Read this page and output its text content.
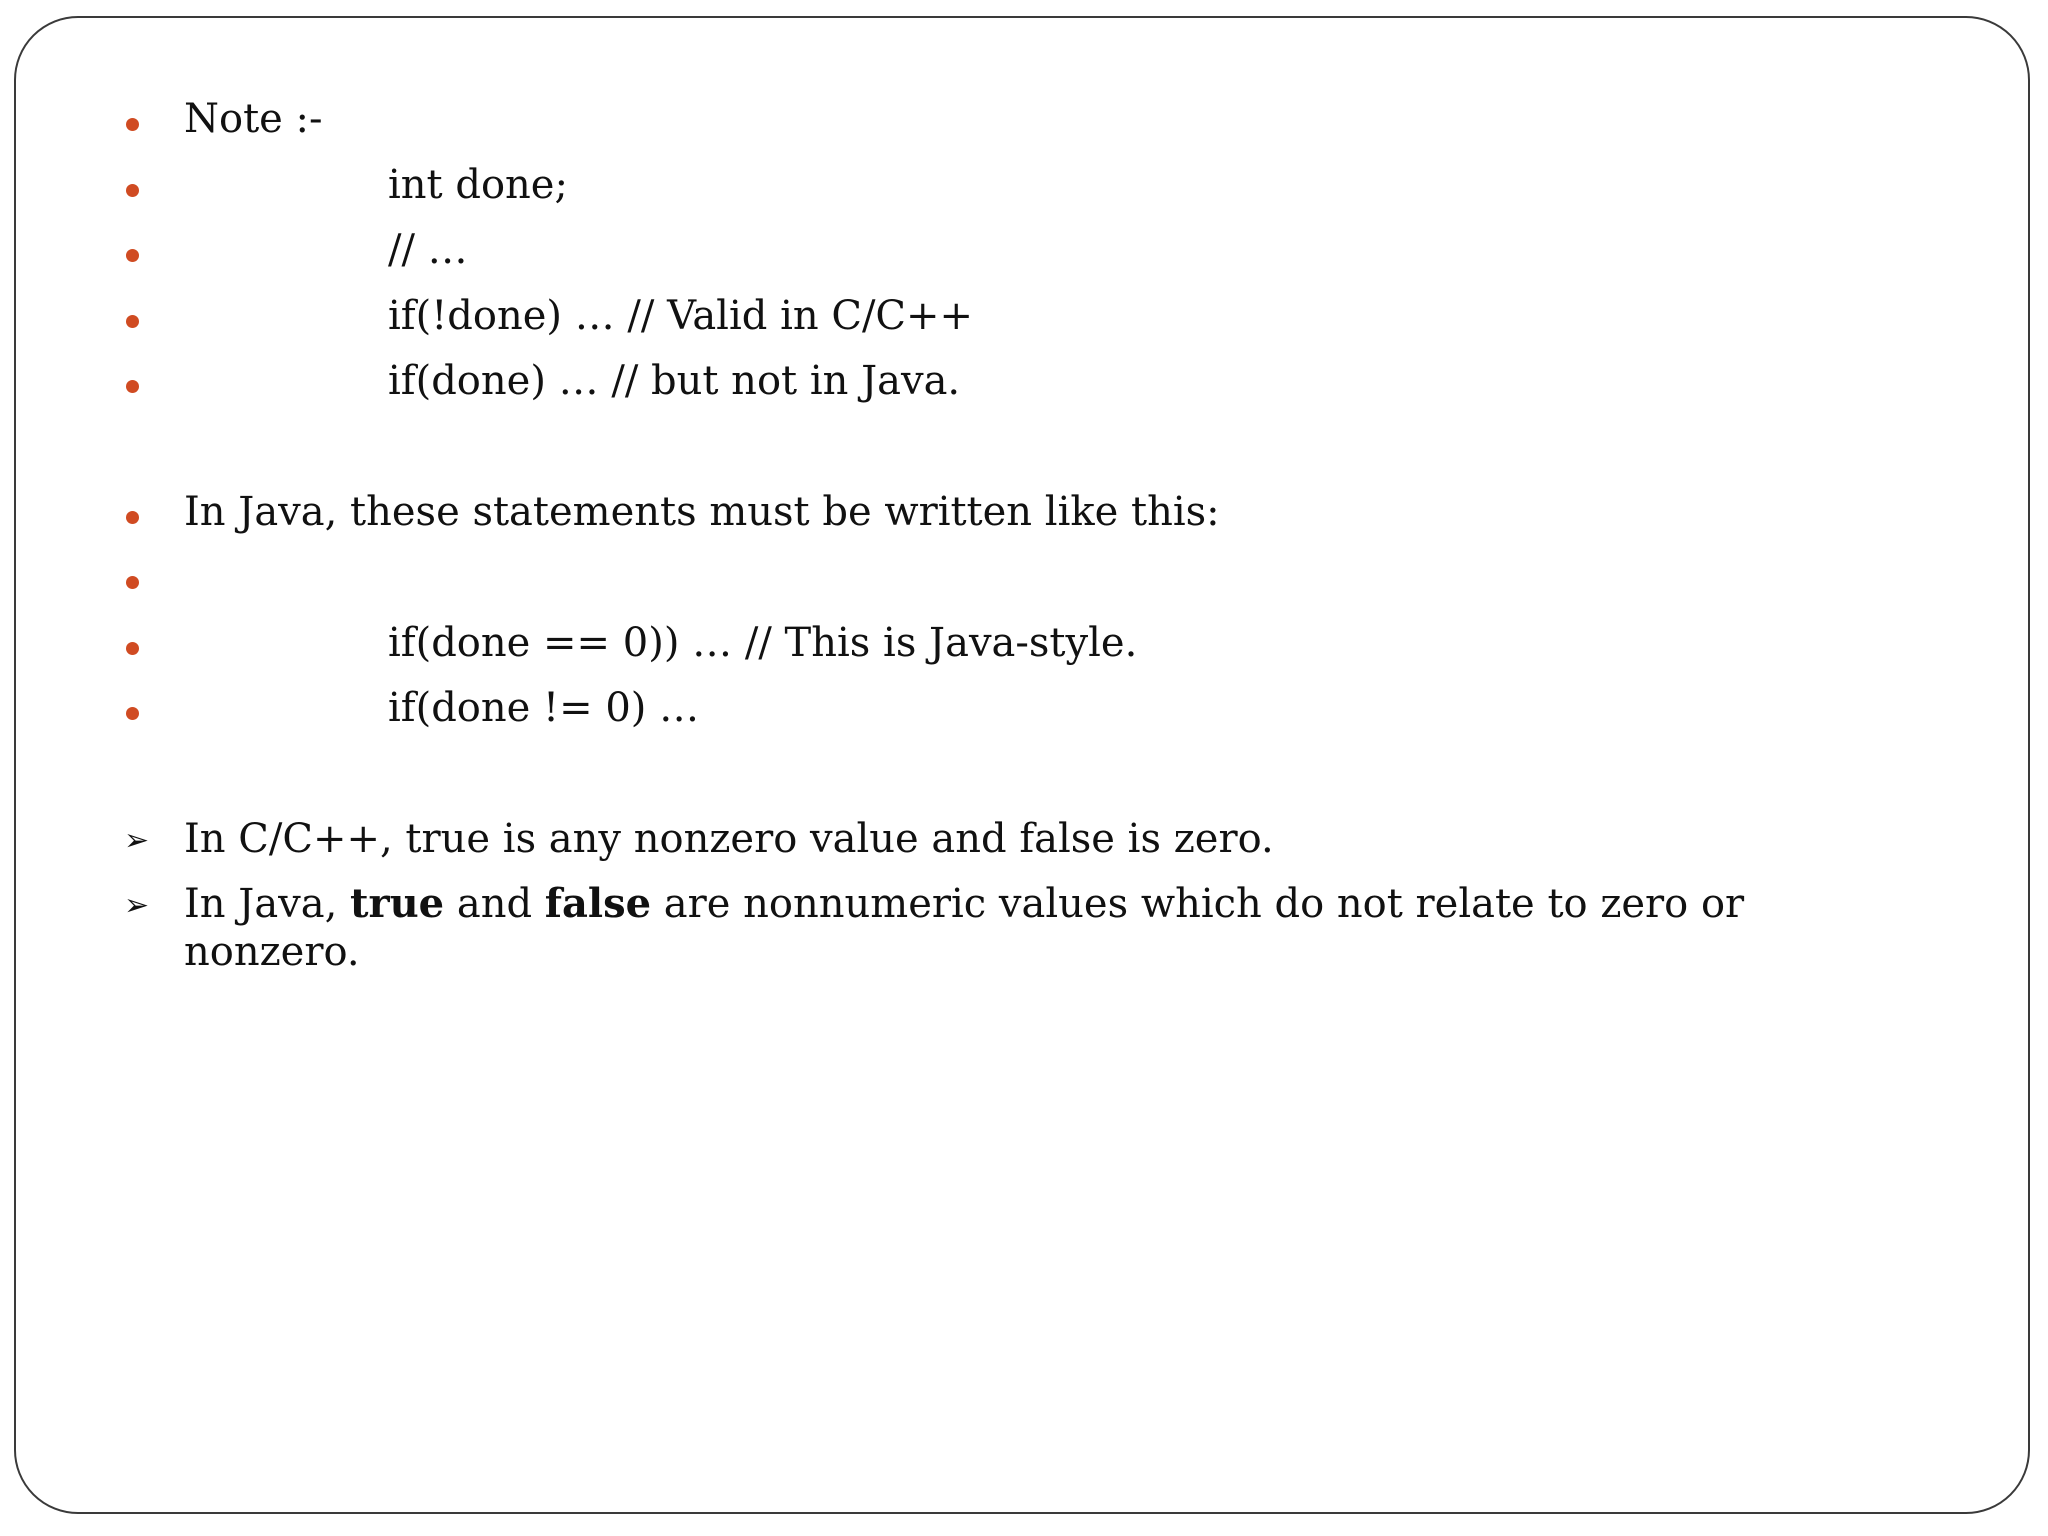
Note :-
int done;
// …
if(!done) … // Valid in C/C++
if(done) … // but not in Java.
In Java, these statements must be written like this:
if(done == 0)) … // This is Java-style.
if(done != 0) …
➢ In C/C++, true is any nonzero value and false is zero.
➢ In Java, true and false are nonnumeric values which do not relate to zero or nonzero.
